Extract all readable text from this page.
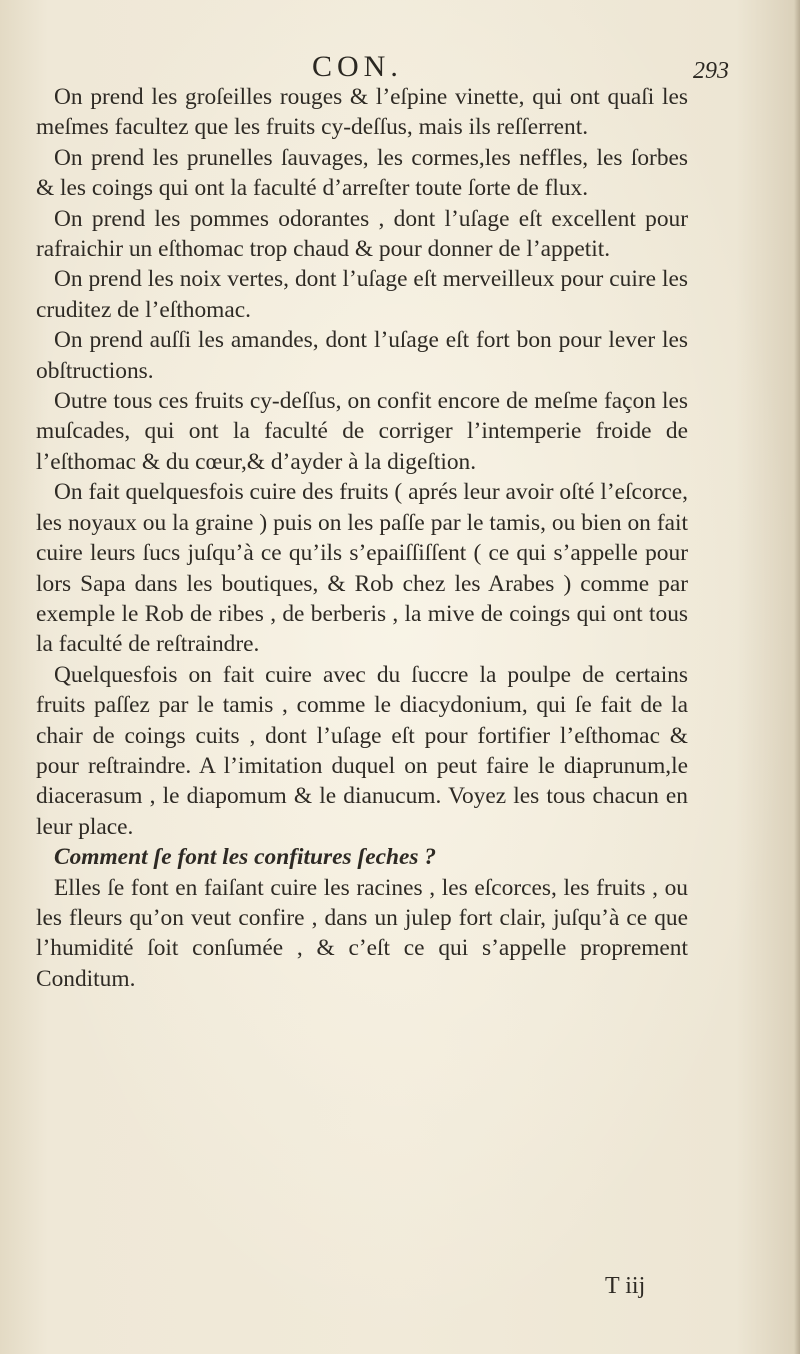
CON.	293

On prend les groſeilles rouges & l’eſpine vinette, qui ont quaſi les meſmes facultez que les fruits cy-deſſus, mais ils reſſerrent.

On prend les prunelles ſauvages, les cormes,les neffles, les ſorbes & les coings qui ont la faculté d’arreſter toute ſorte de flux.

On prend les pommes odorantes , dont l’uſage eſt excellent pour rafraichir un eſthomac trop chaud & pour donner de l’appetit.

On prend les noix vertes, dont l’uſage eſt merveilleux pour cuire les cruditez de l’eſthomac.

On prend auſſi les amandes, dont l’uſage eſt fort bon pour lever les obſtructions.

Outre tous ces fruits cy-deſſus, on confit encore de meſme façon les muſcades, qui ont la faculté de corriger l’intemperie froide de l’eſthomac & du cœur,& d’ayder à la digeſtion.

On fait quelquesfois cuire des fruits ( aprés leur avoir oſté l’eſcorce, les noyaux ou la graine ) puis on les paſſe par le tamis, ou bien on fait cuire leurs ſucs juſqu’à ce qu’ils s’epaiſſiſſent ( ce qui s’appelle pour lors Sapa dans les boutiques, & Rob chez les Arabes ) comme par exemple le Rob de ribes , de berberis , la mive de coings qui ont tous la faculté de reſtraindre.

Quelquesfois on fait cuire avec du ſuccre la poulpe de certains fruits paſſez par le tamis , comme le diacydonium, qui ſe fait de la chair de coings cuits , dont l’uſage eſt pour fortifier l’eſthomac & pour reſtraindre. A l’imitation duquel on peut faire le diaprunum,le diacerasum , le diapomum & le dianucum. Voyez les tous chacun en leur place.

Comment ſe font les confitures ſeches ?

Elles ſe font en faiſant cuire les racines , les eſcorces, les fruits , ou les fleurs qu’on veut confire , dans un julep fort clair, juſqu’à ce que l’humidité ſoit conſumée , & c’eſt ce qui s’appelle proprement Conditum.

T iij
